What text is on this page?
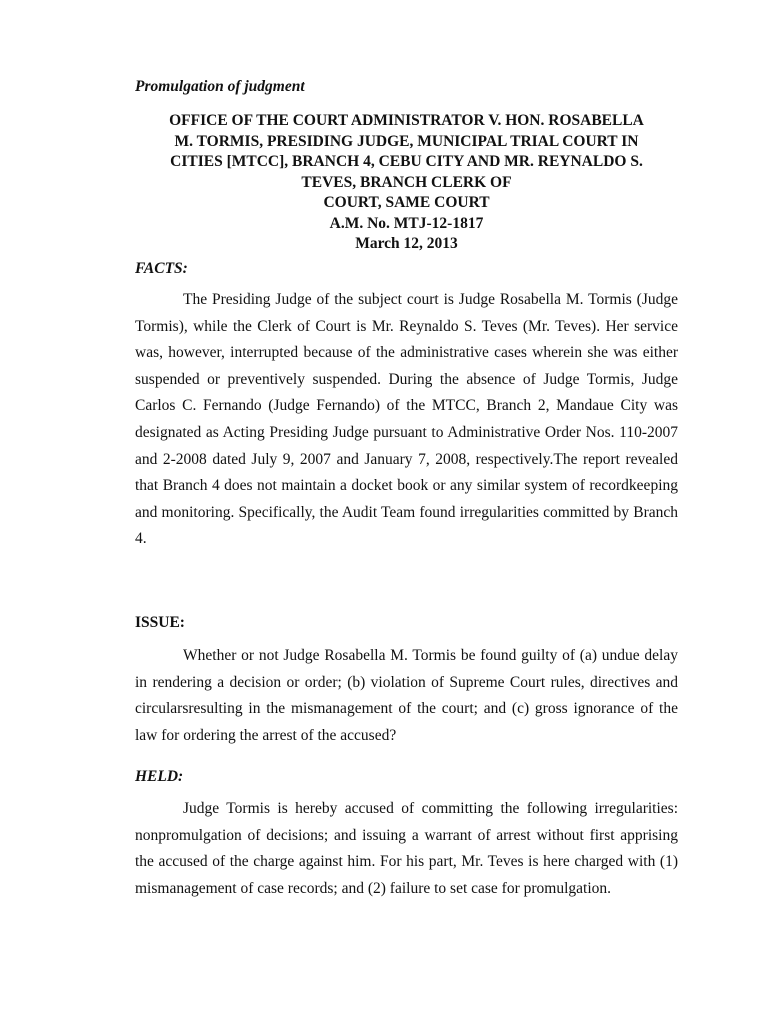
Promulgation of judgment
OFFICE OF THE COURT ADMINISTRATOR V. HON. ROSABELLA
M. TORMIS, PRESIDING JUDGE, MUNICIPAL TRIAL COURT IN
CITIES [MTCC], BRANCH 4, CEBU CITY AND MR. REYNALDO S.
TEVES, BRANCH CLERK OF
COURT, SAME COURT
A.M. No. MTJ-12-1817
March 12, 2013
FACTS:

The Presiding Judge of the subject court is Judge Rosabella M. Tormis (Judge Tormis), while the Clerk of Court is Mr. Reynaldo S. Teves (Mr. Teves). Her service was, however, interrupted because of the administrative cases wherein she was either suspended or preventively suspended. During the absence of Judge Tormis, Judge Carlos C. Fernando (Judge Fernando) of the MTCC, Branch 2, Mandaue City was designated as Acting Presiding Judge pursuant to Administrative Order Nos. 110-2007 and 2-2008 dated July 9, 2007 and January 7, 2008, respectively.The report revealed that Branch 4 does not maintain a docket book or any similar system of recordkeeping and monitoring. Specifically, the Audit Team found irregularities committed by Branch 4.

ISSUE:

Whether or not Judge Rosabella M. Tormis be found guilty of (a) undue delay in rendering a decision or order; (b) violation of Supreme Court rules, directives and circularsresulting in the mismanagement of the court; and (c) gross ignorance of the law for ordering the arrest of the accused?

HELD:

Judge Tormis is hereby accused of committing the following irregularities: nonpromulgation of decisions; and issuing a warrant of arrest without first apprising the accused of the charge against him. For his part, Mr. Teves is here charged with (1) mismanagement of case records; and (2) failure to set case for promulgation.
